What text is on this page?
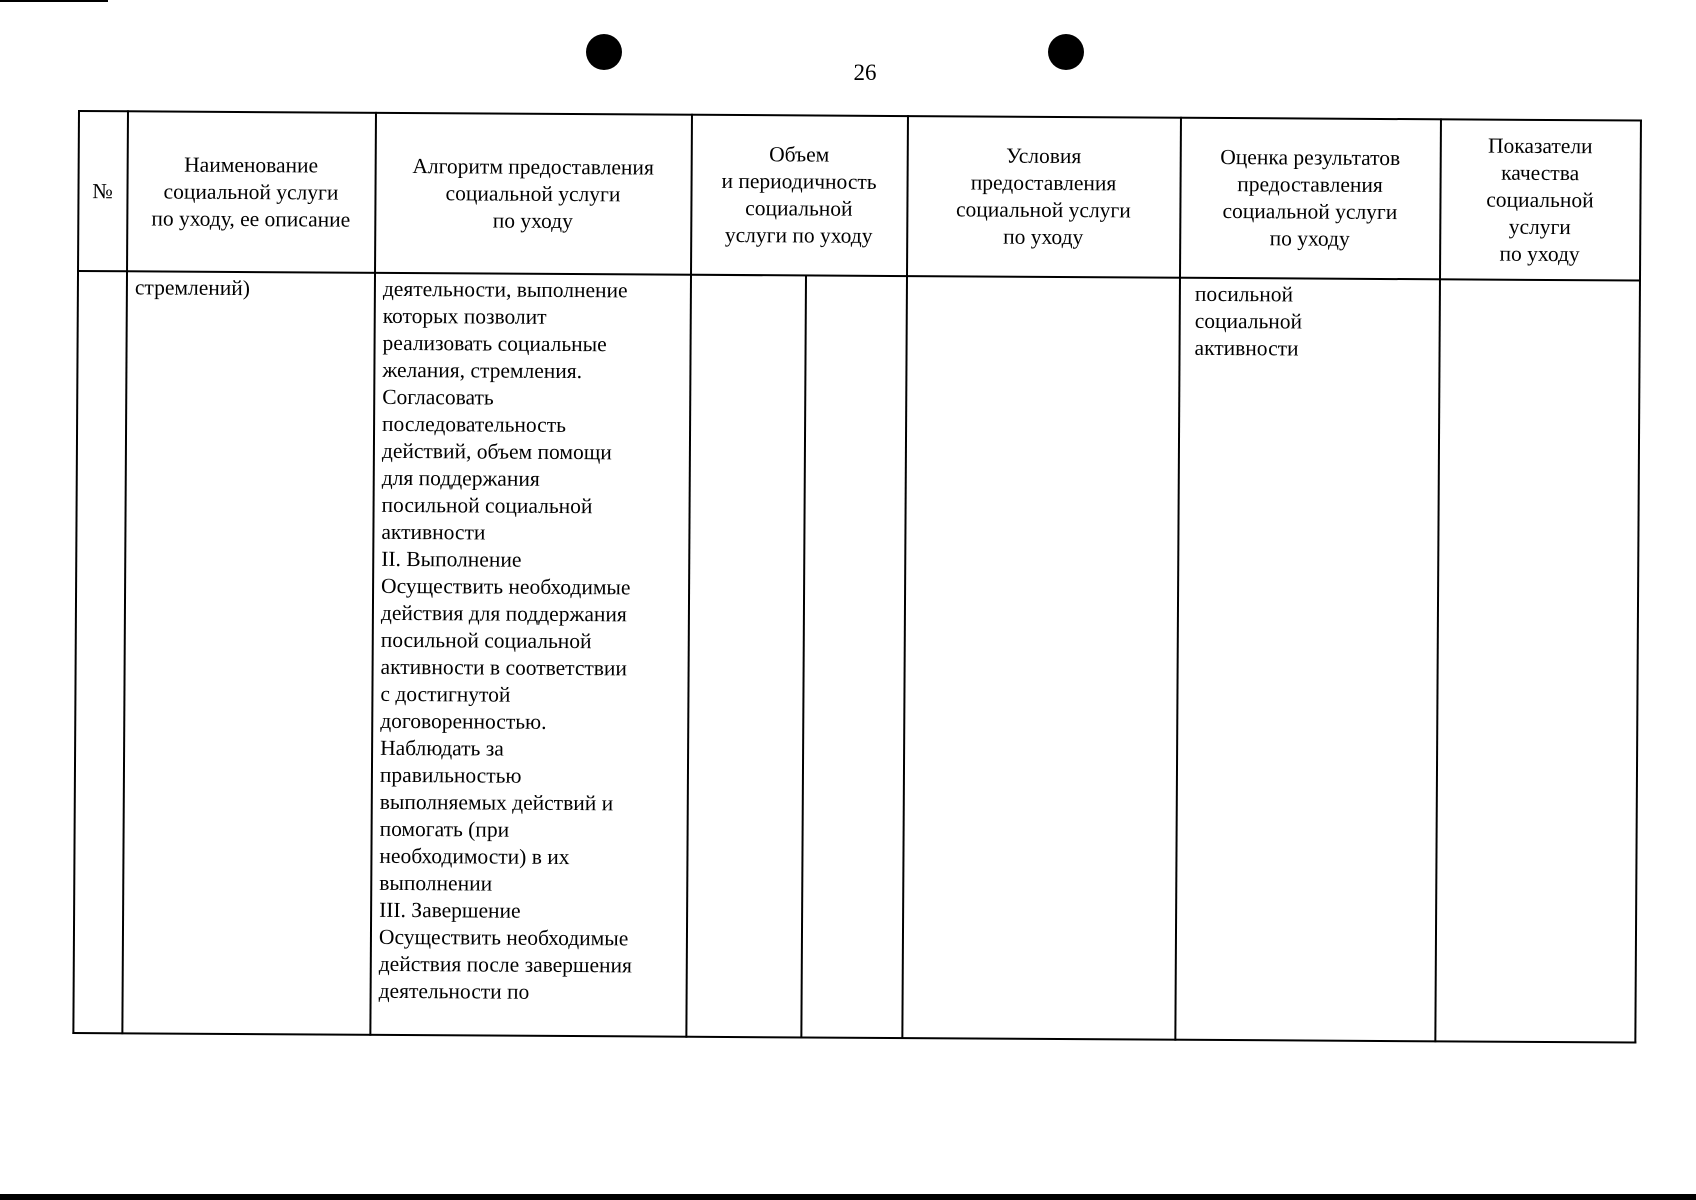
26
№
Наименование
социальной услуги
по уходу, ее описание
Алгоритм предоставления
социальной услуги
по уходу
Объем
и периодичность
социальной
услуги по уходу
Условия
предоставления
социальной услуги
по уходу
Оценка результатов
предоставления
социальной услуги
по уходу
Показатели
качества
социальной
услуги
по уходу
стремлений)	деятельности, выполнение
которых позволит
реализовать социальные
желания, стремления.
Согласовать
последовательность
действий, объем помощи
для поддержания
посильной социальной
активности
II. Выполнение
Осуществить необходимые
действия для поддержания
посильной социальной
активности в соответствии
с достигнутой
договоренностью.
Наблюдать за
правильностью
выполняемых действий и
помогать (при
необходимости) в их
выполнении
III. Завершение
Осуществить необходимые
действия после завершения
деятельности по
посильной
социальной
активности
